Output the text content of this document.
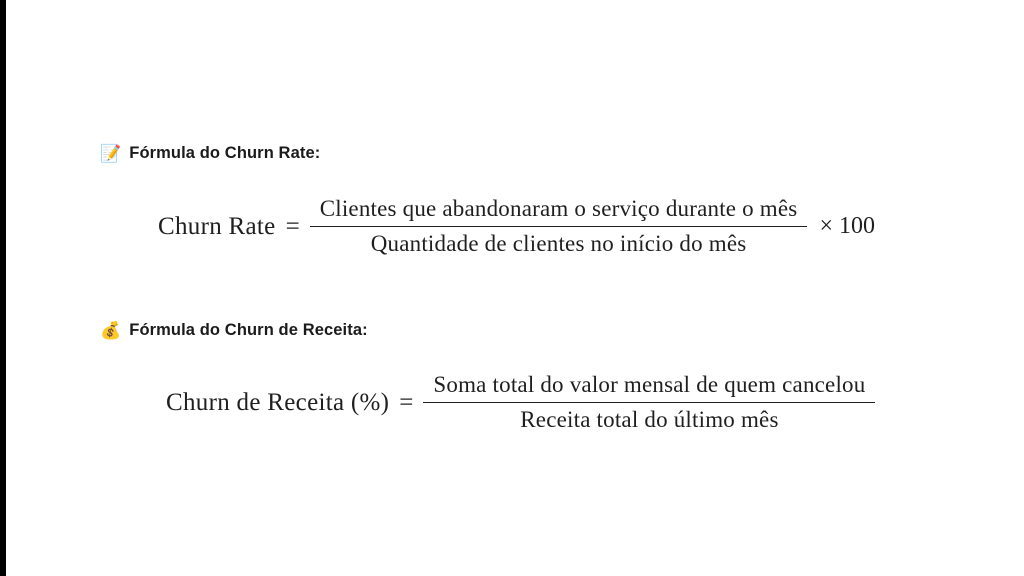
📝 Fórmula do Churn Rate:
Churn Rate = $\frac{\text{Clientes que abandonaram o serviço durante o mês}}{\text{Quantidade de clientes no início do mês}} \times 100$
💰 Fórmula do Churn de Receita:
Churn de Receita (%) = $\frac{\text{Soma total do valor mensal de quem cancelou}}{\text{Receita total do último mês}}$
